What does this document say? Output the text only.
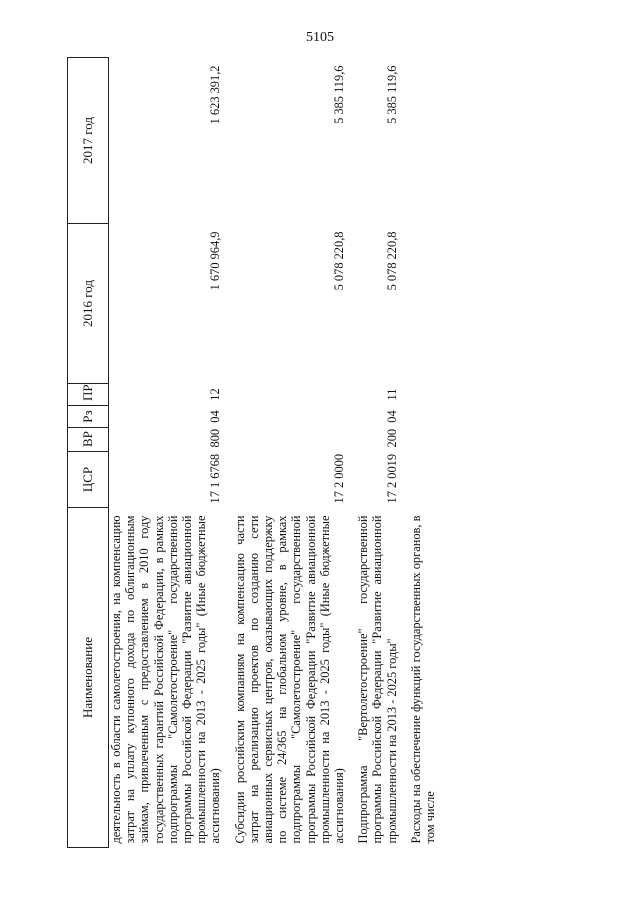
5105
Наименование	ЦСР	ВР	Рз	ПР	2016 год	2017 год
деятельность в области самолетостроения, на компенсацию затрат на уплату купонного дохода по облигационным займам, привлеченным с предоставлением в 2010 году государственных гарантий Российской Федерации, в рамках подпрограммы "Самолетостроение" государственной программы Российской Федерации "Развитие авиационной промышленности на 2013 - 2025 годы" (Иные бюджетные ассигнования)	17 1 6768	800	04	12	1 670 964,9	1 623 391,2
Субсидии российским компаниям на компенсацию части затрат на реализацию проектов по созданию сети авиационных сервисных центров, оказывающих поддержку по системе 24/365 на глобальном уровне, в рамках подпрограммы "Самолетостроение" государственной программы Российской Федерации "Развитие авиационной промышленности на 2013 - 2025 годы" (Иные бюджетные ассигнования)	17 2 0000				5 078 220,8	5 385 119,6
Подпрограмма "Вертолетостроение" государственной программы Российской Федерации "Развитие авиационной промышленности на 2013 - 2025 годы"	17 2 0019	200	04	11	5 078 220,8	5 385 119,6
Расходы на обеспечение функций государственных органов, в том числе						
